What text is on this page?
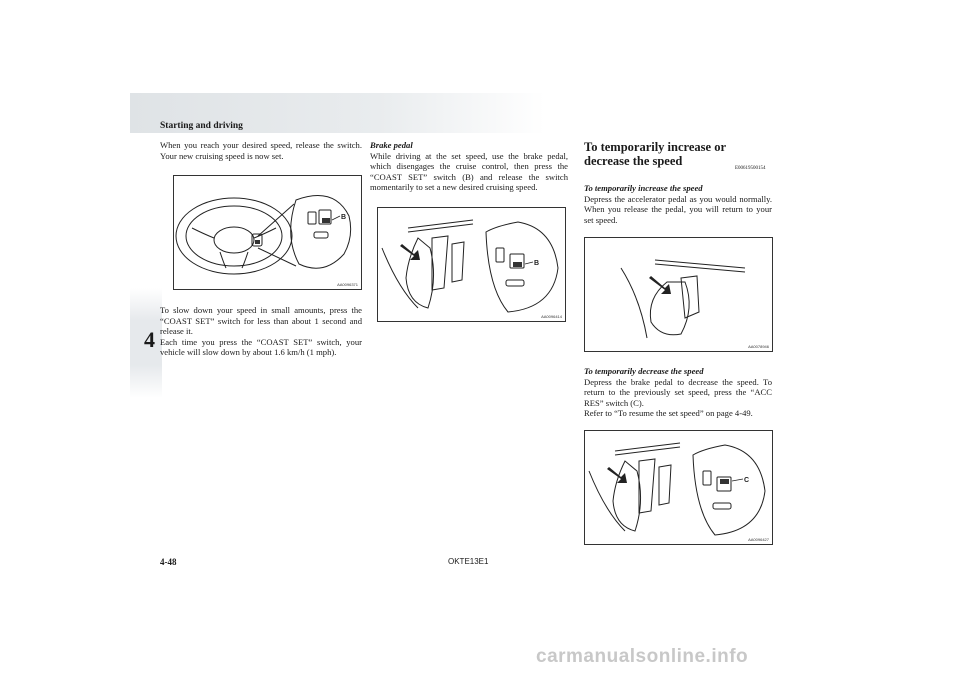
Starting and driving
4

When you reach your desired speed, release the switch. Your new cruising speed is now set.

B
AA0096371

To slow down your speed in small amounts, press the “COAST SET” switch for less than about 1 second and release it.

Each time you press the “COAST SET” switch, your vehicle will slow down by about 1.6 km/h (1 mph).

Brake pedal

While driving at the set speed, use the brake pedal, which disengages the cruise control, then press the “COAST SET” switch (B) and release the switch momentarily to set a new desired cruising speed.

B
AA0096414
To temporarily increase or decrease the speed
E00619500154

To temporarily increase the speed

Depress the accelerator pedal as you would normally. When you release the pedal, you will return to your set speed.

AA0078946

To temporarily decrease the speed

Depress the brake pedal to decrease the speed. To return to the previously set speed, press the “ACC RES” switch (C).

Refer to “To resume the set speed” on page 4-49.

C
AA0096427
4-48	OKTE13E1
carmanualsonline.info
